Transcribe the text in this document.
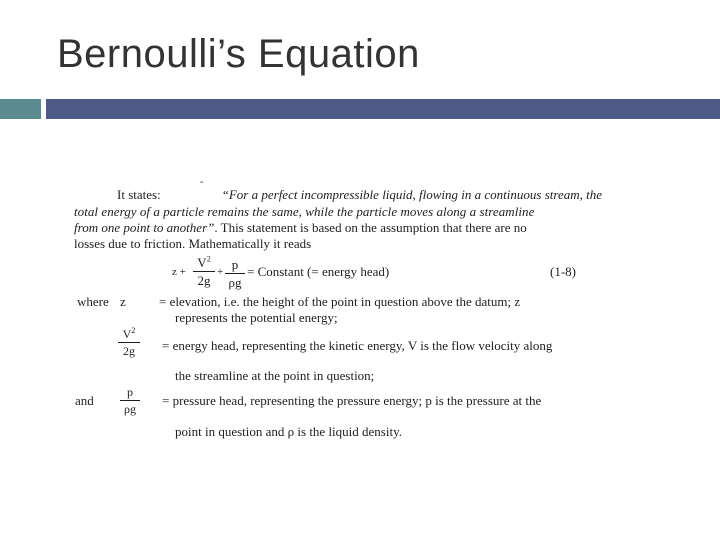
Bernoulli’s Equation
ˆ
It states:	“For a perfect incompressible liquid, flowing in a continuous stream, the
total energy of a particle remains the same, while the particle moves along a streamline
from one point to another”. This statement is based on the assumption that there are no
losses due to friction. Mathematically it reads
z +
$V^2$
2g
+ p
ρg
= Constant (= energy head)	(1-8)
where z	= elevation, i.e. the height of the point in question above the datum; z
represents the potential energy;
$V^2$
2g	= energy head, representing the kinetic energy, V is the flow velocity along
the streamline at the point in question;
and
p
ρg
= pressure head, representing the pressure energy; p is the pressure at the
point in question and ρ is the liquid density.
